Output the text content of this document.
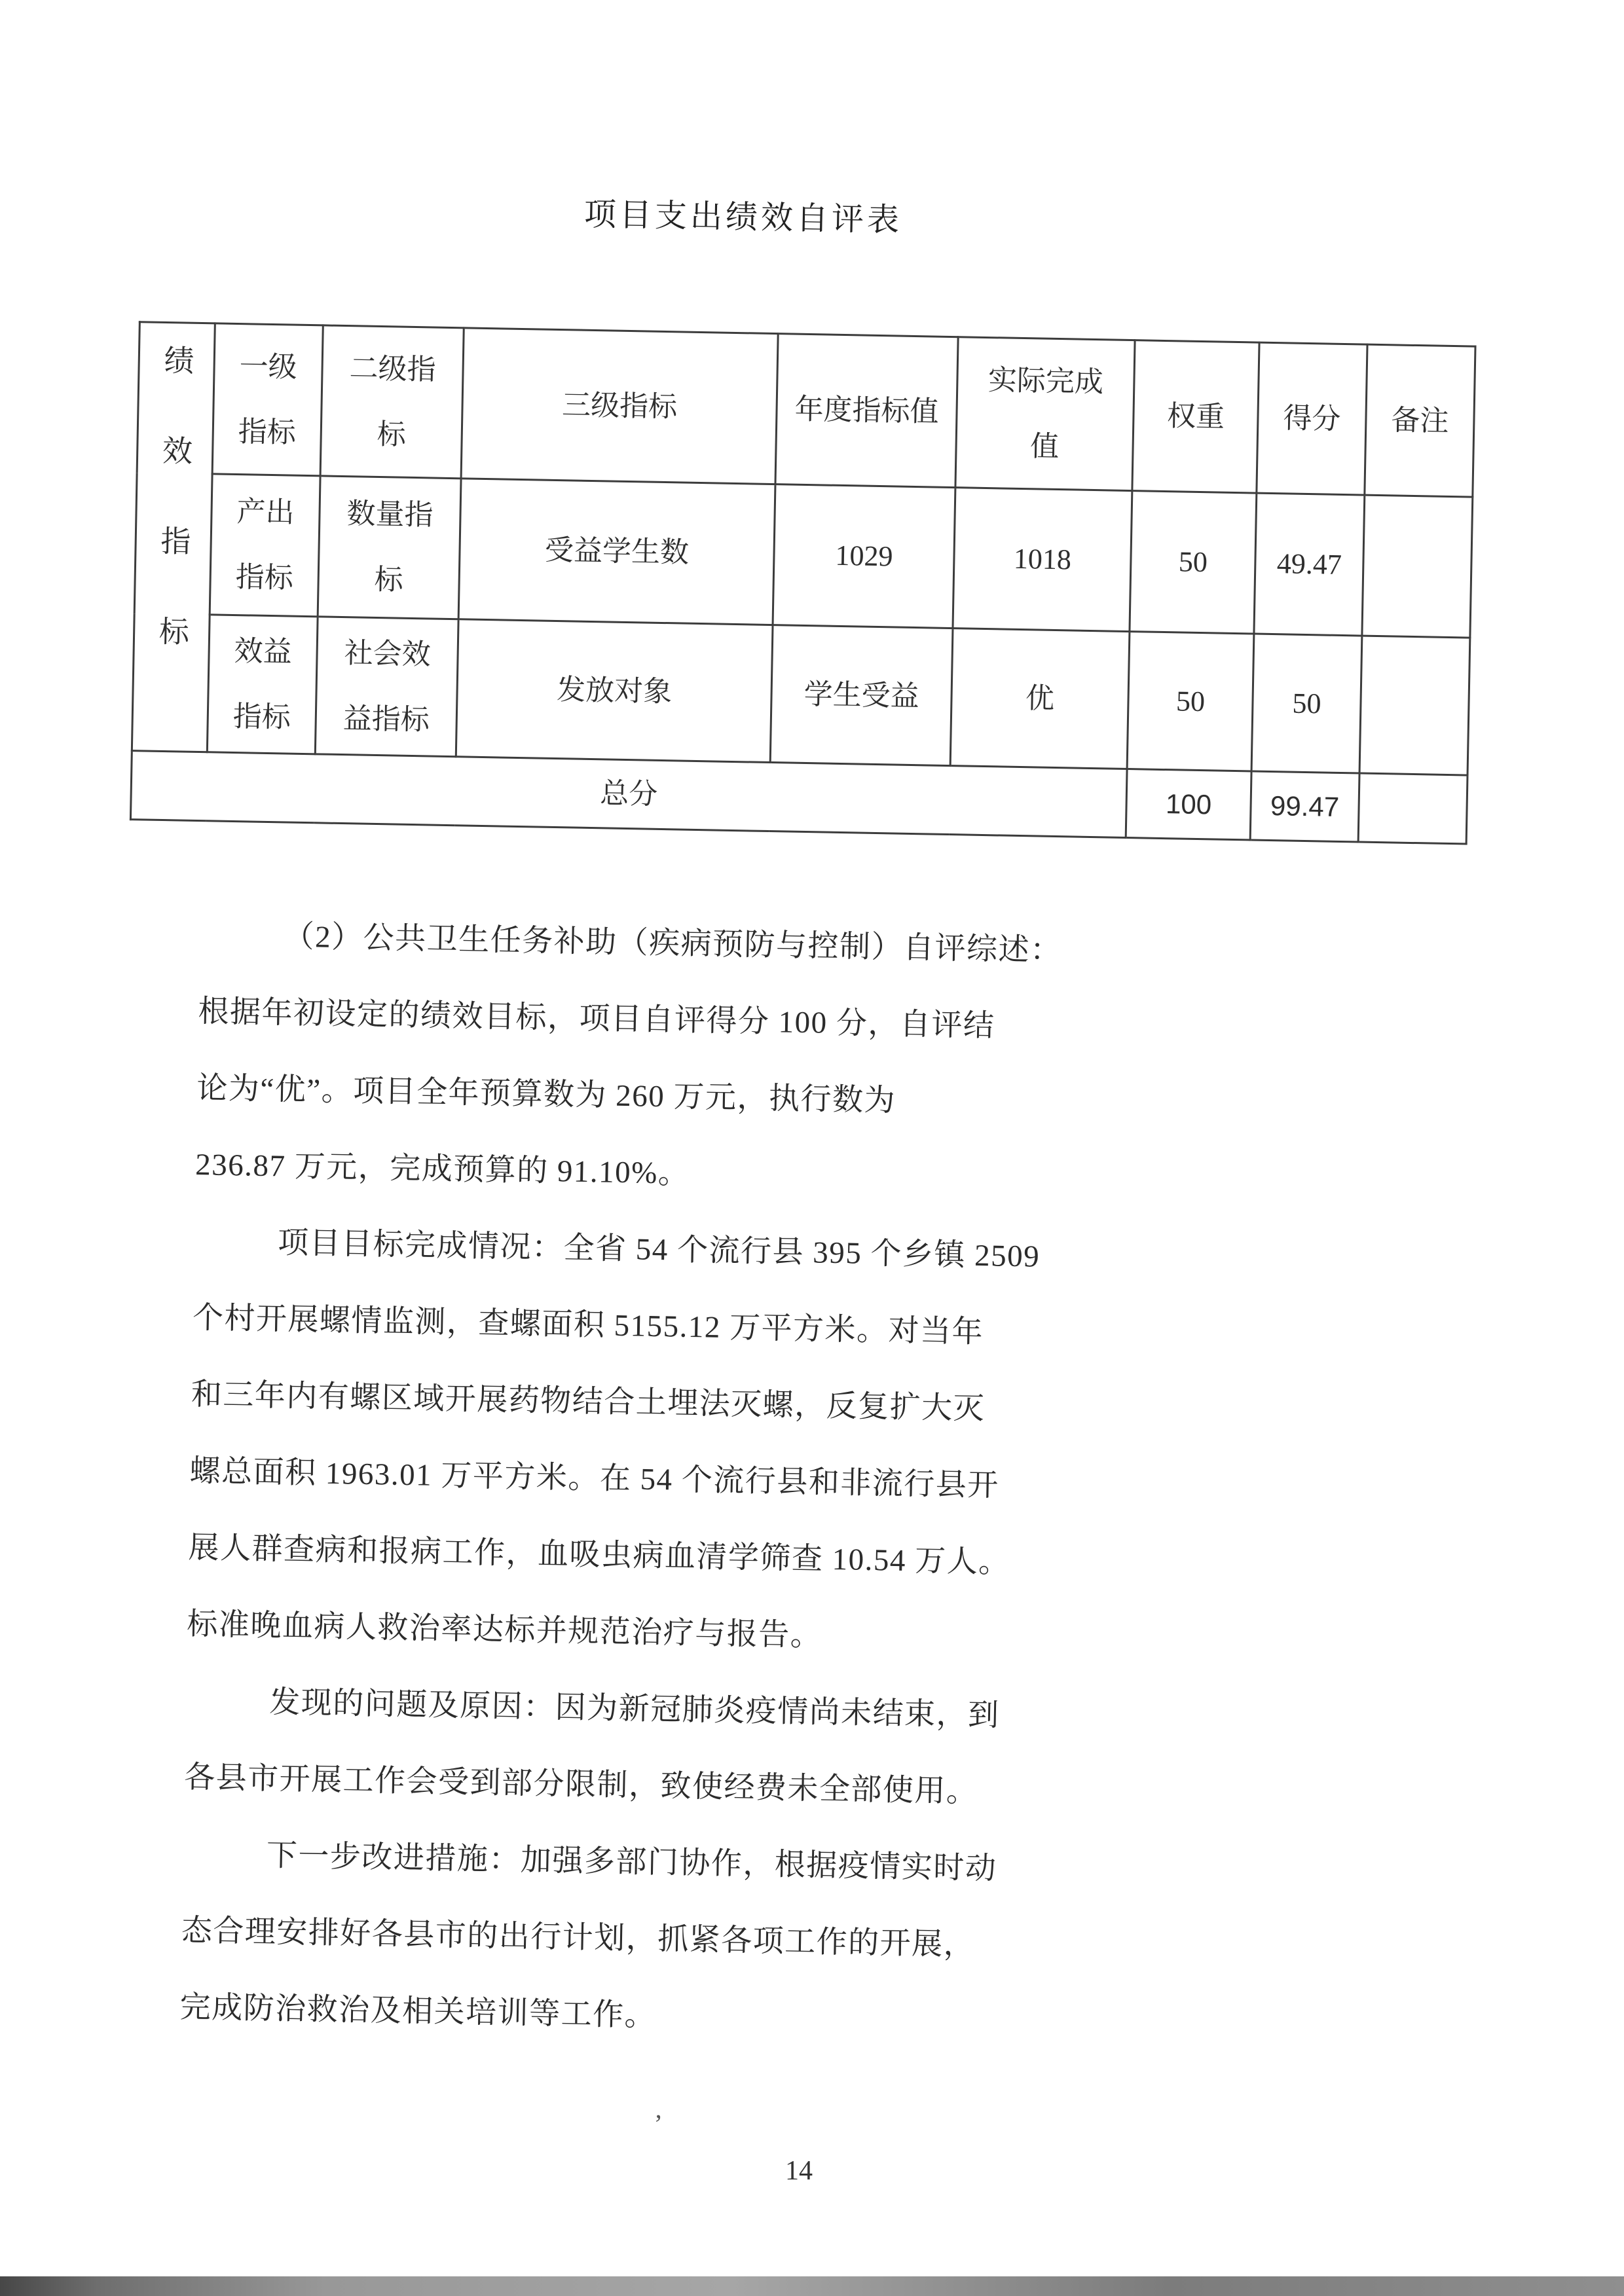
项目支出绩效自评表
绩效指标	一级指标	二级指标	三级指标	年度指标值	实际完成值	权重	得分	备注
	产出指标	数量指标	受益学生数	1029	1018	50	49.47	
	效益指标	社会效益指标	发放对象	学生受益	优	50	50	
总分						100	99.47	
（2）公共卫生任务补助（疾病预防与控制）自评综述：
根据年初设定的绩效目标，项目自评得分 100 分，自评结
论为“优”。项目全年预算数为 260 万元，执行数为
236.87 万元，完成预算的 91.10%。
项目目标完成情况：全省 54 个流行县 395 个乡镇 2509
个村开展螺情监测，查螺面积 5155.12 万平方米。对当年
和三年内有螺区域开展药物结合土埋法灭螺，反复扩大灭
螺总面积 1963.01 万平方米。在 54 个流行县和非流行县开
展人群查病和报病工作，血吸虫病血清学筛查 10.54 万人。
标准晚血病人救治率达标并规范治疗与报告。
发现的问题及原因：因为新冠肺炎疫情尚未结束，到
各县市开展工作会受到部分限制，致使经费未全部使用。
下一步改进措施：加强多部门协作，根据疫情实时动
态合理安排好各县市的出行计划，抓紧各项工作的开展，
完成防治救治及相关培训等工作。
’
14
